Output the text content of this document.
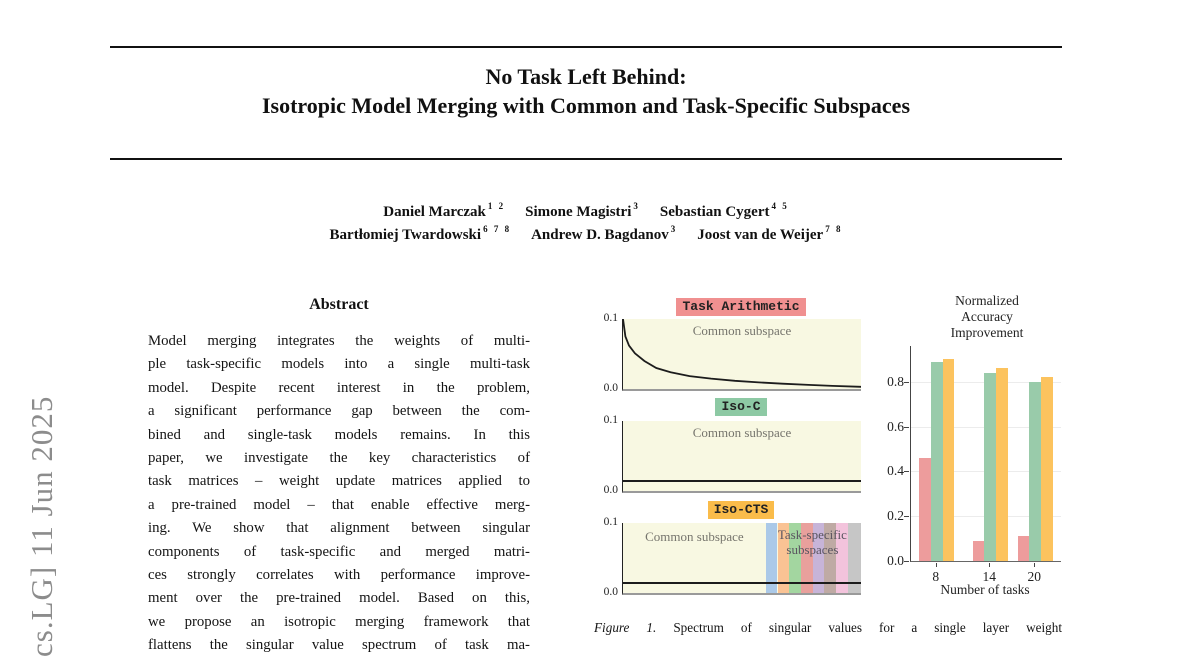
cs.LG] 11 Jun 2025
No Task Left Behind:
Isotropic Model Merging with Common and Task-Specific Subspaces
Daniel Marczak $^{1 2}$ Simone Magistri $^3$ Sebastian Cygert $^{4 5}$
Bartłomiej Twardowski $^{6 7 8}$ Andrew D. Bagdanov $^3$ Joost van de Weijer $^{7 8}$
Abstract
Model merging integrates the weights of multi-
ple task-specific models into a single multi-task
model. Despite recent interest in the problem,
a significant performance gap between the com-
bined and single-task models remains. In this
paper, we investigate the key characteristics of
task matrices – weight update matrices applied to
a pre-trained model – that enable effective merg-
ing. We show that alignment between singular
components of task-specific and merged matri-
ces strongly correlates with performance improve-
ment over the pre-trained model. Based on this,
we propose an isotropic merging framework that
flattens the singular value spectrum of task ma-
Task Arithmetic
Iso-C
Iso-CTS
Common subspace
Common subspace
Common subspace	Task-specific
subspaces
0.1
0.0
0.1
0.0
0.1
0.0
Normalized
Accuracy
Improvement
Number of tasks
0.0
0.2
0.4
0.6
0.8
8	14	20
Figure 1. Spectrum of singular values for a single layer weight
